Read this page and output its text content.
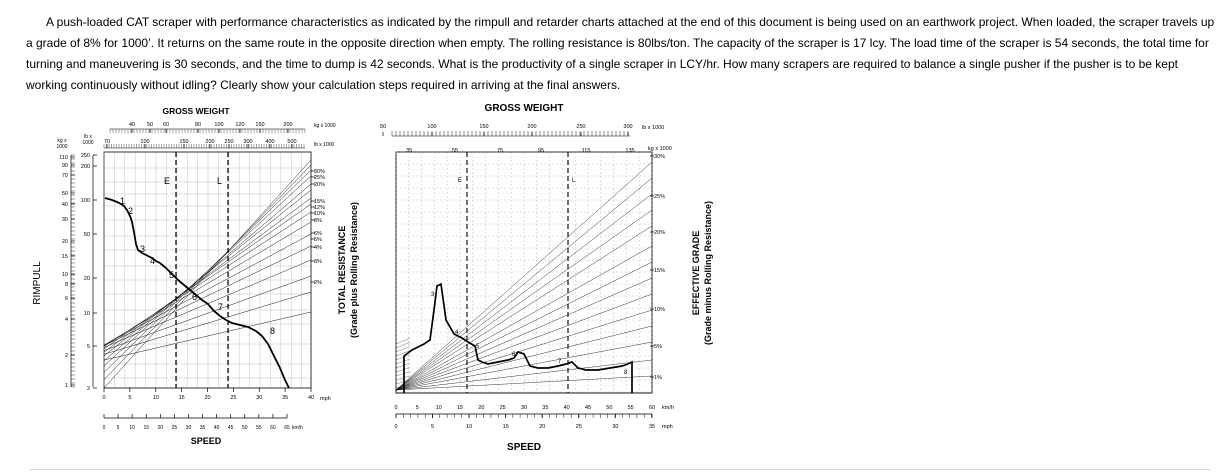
A push-loaded CAT scraper with performance characteristics as indicated by the rimpull and retarder charts attached at the end of this document is being used on an earthwork project. When loaded, the scraper travels up a grade of 8% for 1000’. It returns on the same route in the opposite direction when empty. The rolling resistance is 80lbs/ton. The capacity of the scraper is 17 lcy. The load time of the scraper is 54 seconds, the total time for turning and maneuvering is 30 seconds, and the time to dump is 42 seconds. What is the productivity of a single scraper in LCY/hr. How many scrapers are required to balance a single pusher if the pusher is to be kept working continuously without idling? Clearly show your calculation steps required in arriving at the final answers.

RIMPULL
kg x
1000
lb x
1000
110
90
70
50
40
30
20
15
10
8
6
4
2
1
250
200
100
50
20
10
5
2
GROSS WEIGHT
40 50 60	80 100 120 150	200
70	100	150	200 250 300 400 500
kg x 1000
lb x 1000
E	L
1
2
3
4
5
6
7
8
30%
25%
20%
15%
12%
10%
8%
6%
5%
4%
3%
2% TOTAL RESISTANCE (Grade plus Rolling Resistance)
0	5	10	15	20	25	30	35	40 mph
0 5 10 15 20 25 30 35 40 45 50 55 60 65 km/h
SPEED
GROSS WEIGHT
50	100	150	200	250	300 lb x 1000
35	55	75	95	115	135 kg x 1000
E	L
3
4
5
6
7
8
30%
25%
20%
15%
10%
5%
1%
EFFECTIVE GRADE (Grade minus Rolling Resistance)
0	5	10	15	20	25	30	35	40	45	50	55	60 km/h
0	5	10	15	20	25	30	35 mph
SPEED
